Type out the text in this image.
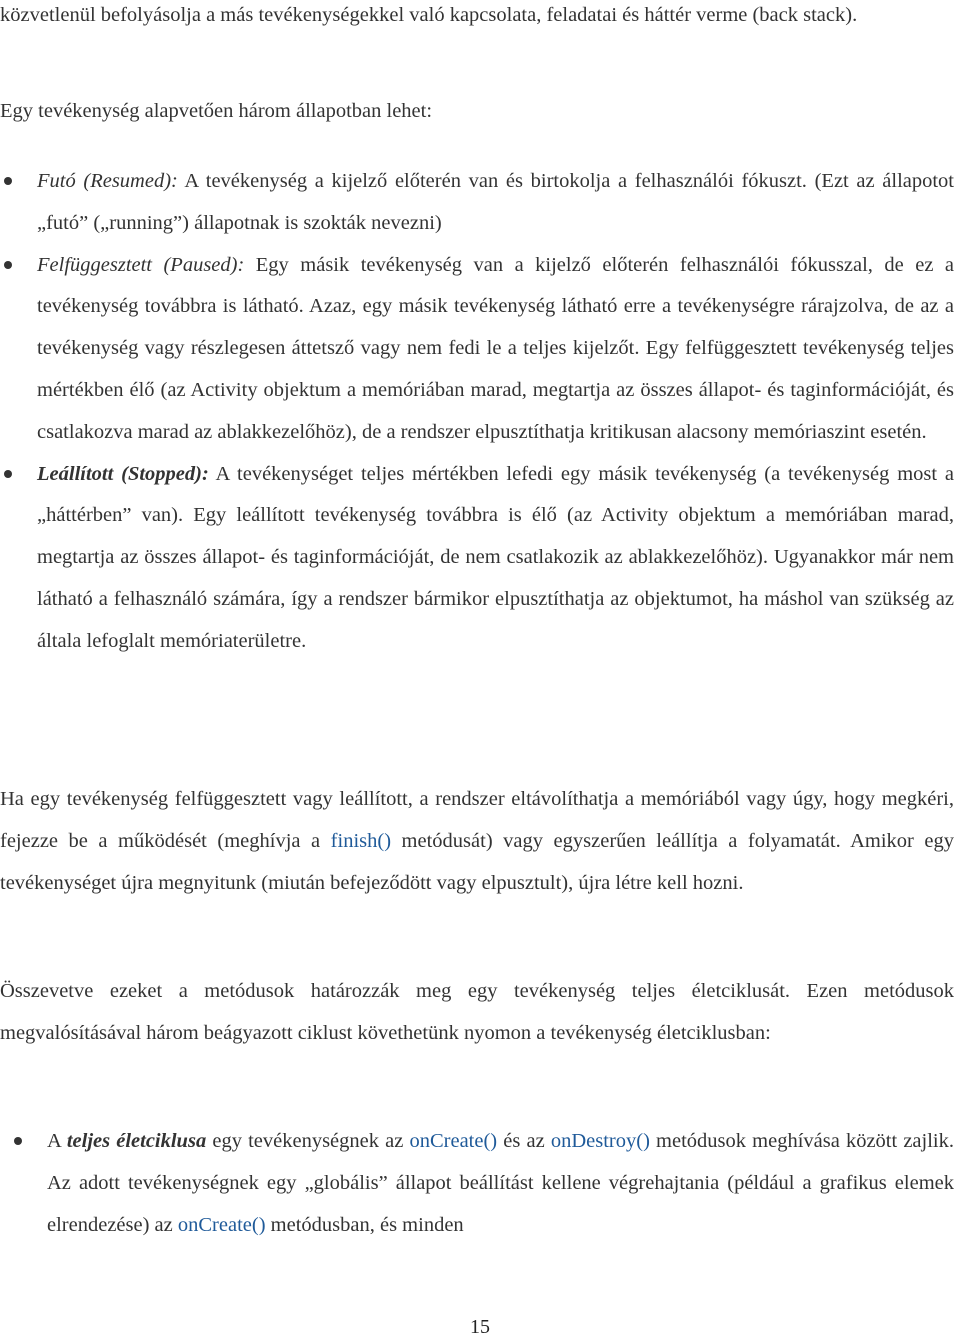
közvetlenül befolyásolja a más tevékenységekkel való kapcsolata, feladatai és háttér verme (back stack).

Egy tevékenység alapvetően három állapotban lehet:

Futó (Resumed): A tevékenység a kijelző előterén van és birtokolja a felhasználói fókuszt. (Ezt az állapotot „futó” („running”) állapotnak is szokták nevezni)
Felfüggesztett (Paused): Egy másik tevékenység van a kijelző előterén felhasználói fókusszal, de ez a tevékenység továbbra is látható. Azaz, egy másik tevékenység látható erre a tevékenységre rárajzolva, de az a tevékenység vagy részlegesen áttetsző vagy nem fedi le a teljes kijelzőt. Egy felfüggesztett tevékenység teljes mértékben élő (az Activity objektum a memóriában marad, megtartja az összes állapot- és taginformációját, és csatlakozva marad az ablakkezelőhöz), de a rendszer elpusztíthatja kritikusan alacsony memóriaszint esetén.
Leállított (Stopped): A tevékenységet teljes mértékben lefedi egy másik tevékenység (a tevékenység most a „háttérben” van). Egy leállított tevékenység továbbra is élő (az Activity objektum a memóriában marad, megtartja az összes állapot- és taginformációját, de nem csatlakozik az ablakkezelőhöz). Ugyanakkor már nem látható a felhasználó számára, így a rendszer bármikor elpusztíthatja az objektumot, ha máshol van szükség az általa lefoglalt memóriaterületre.

Ha egy tevékenység felfüggesztett vagy leállított, a rendszer eltávolíthatja a memóriából vagy úgy, hogy megkéri, fejezze be a működését (meghívja a finish() metódusát) vagy egyszerűen leállítja a folyamatát. Amikor egy tevékenységet újra megnyitunk (miután befejeződött vagy elpusztult), újra létre kell hozni.

Összevetve ezeket a metódusok határozzák meg egy tevékenység teljes életciklusát. Ezen metódusok megvalósításával három beágyazott ciklust követhetünk nyomon a tevékenység életciklusban:

A teljes életciklusa egy tevékenységnek az onCreate() és az onDestroy() metódusok meghívása között zajlik. Az adott tevékenységnek egy „globális” állapot beállítást kellene végrehajtania (például a grafikus elemek elrendezése) az onCreate() metódusban, és minden
15
